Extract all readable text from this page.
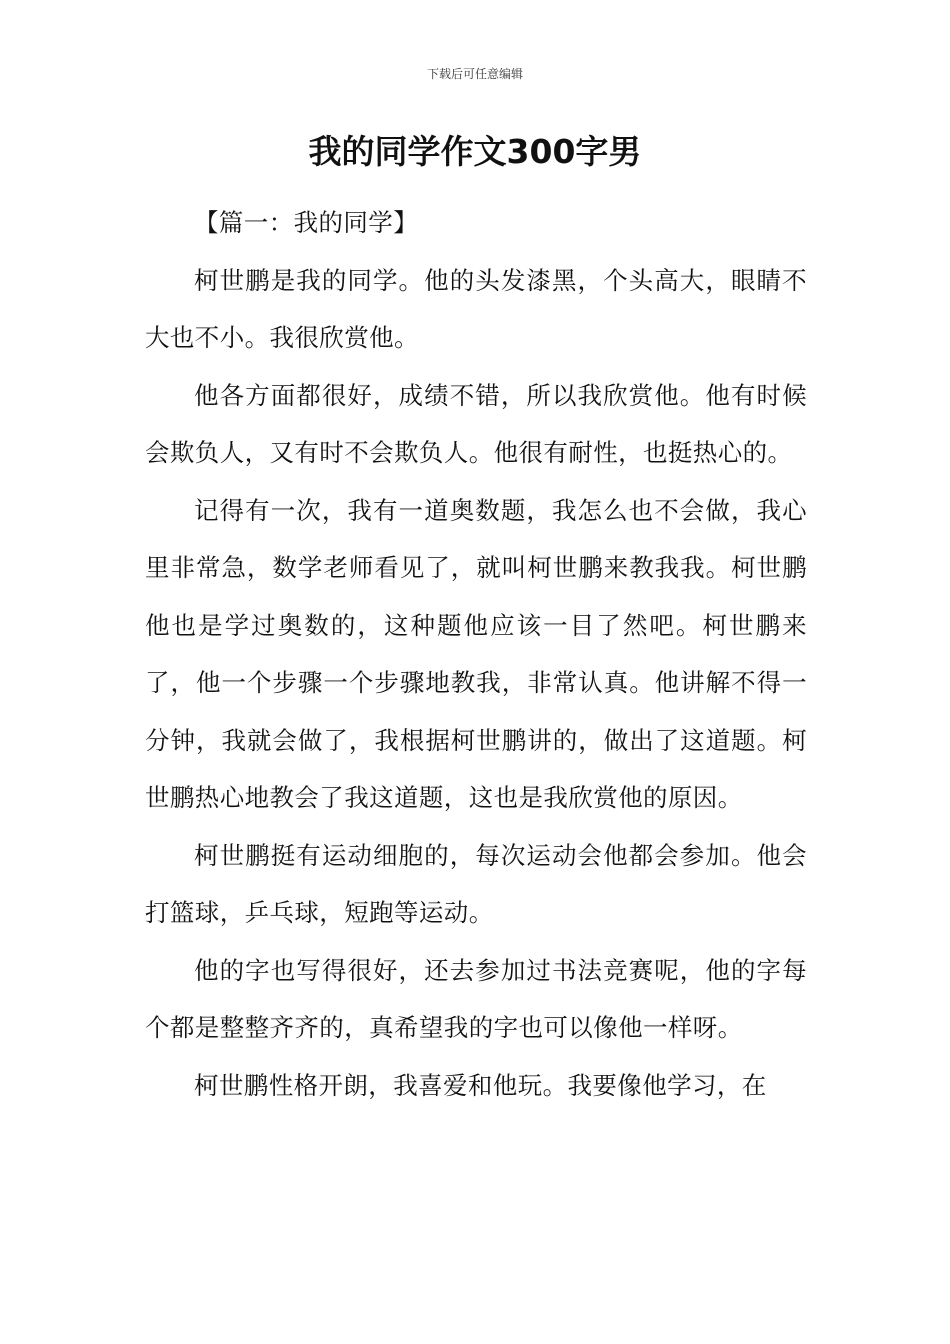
下载后可任意编辑
我的同学作文300字男

【篇一：我的同学】

柯世鹏是我的同学。他的头发漆黑，个头高大，眼睛不大也不小。我很欣赏他。

他各方面都很好，成绩不错，所以我欣赏他。他有时候会欺负人，又有时不会欺负人。他很有耐性，也挺热心的。

记得有一次，我有一道奥数题，我怎么也不会做，我心里非常急，数学老师看见了，就叫柯世鹏来教我我。柯世鹏他也是学过奥数的，这种题他应该一目了然吧。柯世鹏来了，他一个步骤一个步骤地教我，非常认真。他讲解不得一分钟，我就会做了，我根据柯世鹏讲的，做出了这道题。柯世鹏热心地教会了我这道题，这也是我欣赏他的原因。

柯世鹏挺有运动细胞的，每次运动会他都会参加。他会打篮球，乒乓球，短跑等运动。

他的字也写得很好，还去参加过书法竞赛呢，他的字每个都是整整齐齐的，真希望我的字也可以像他一样呀。

柯世鹏性格开朗，我喜爱和他玩。我要像他学习，在
